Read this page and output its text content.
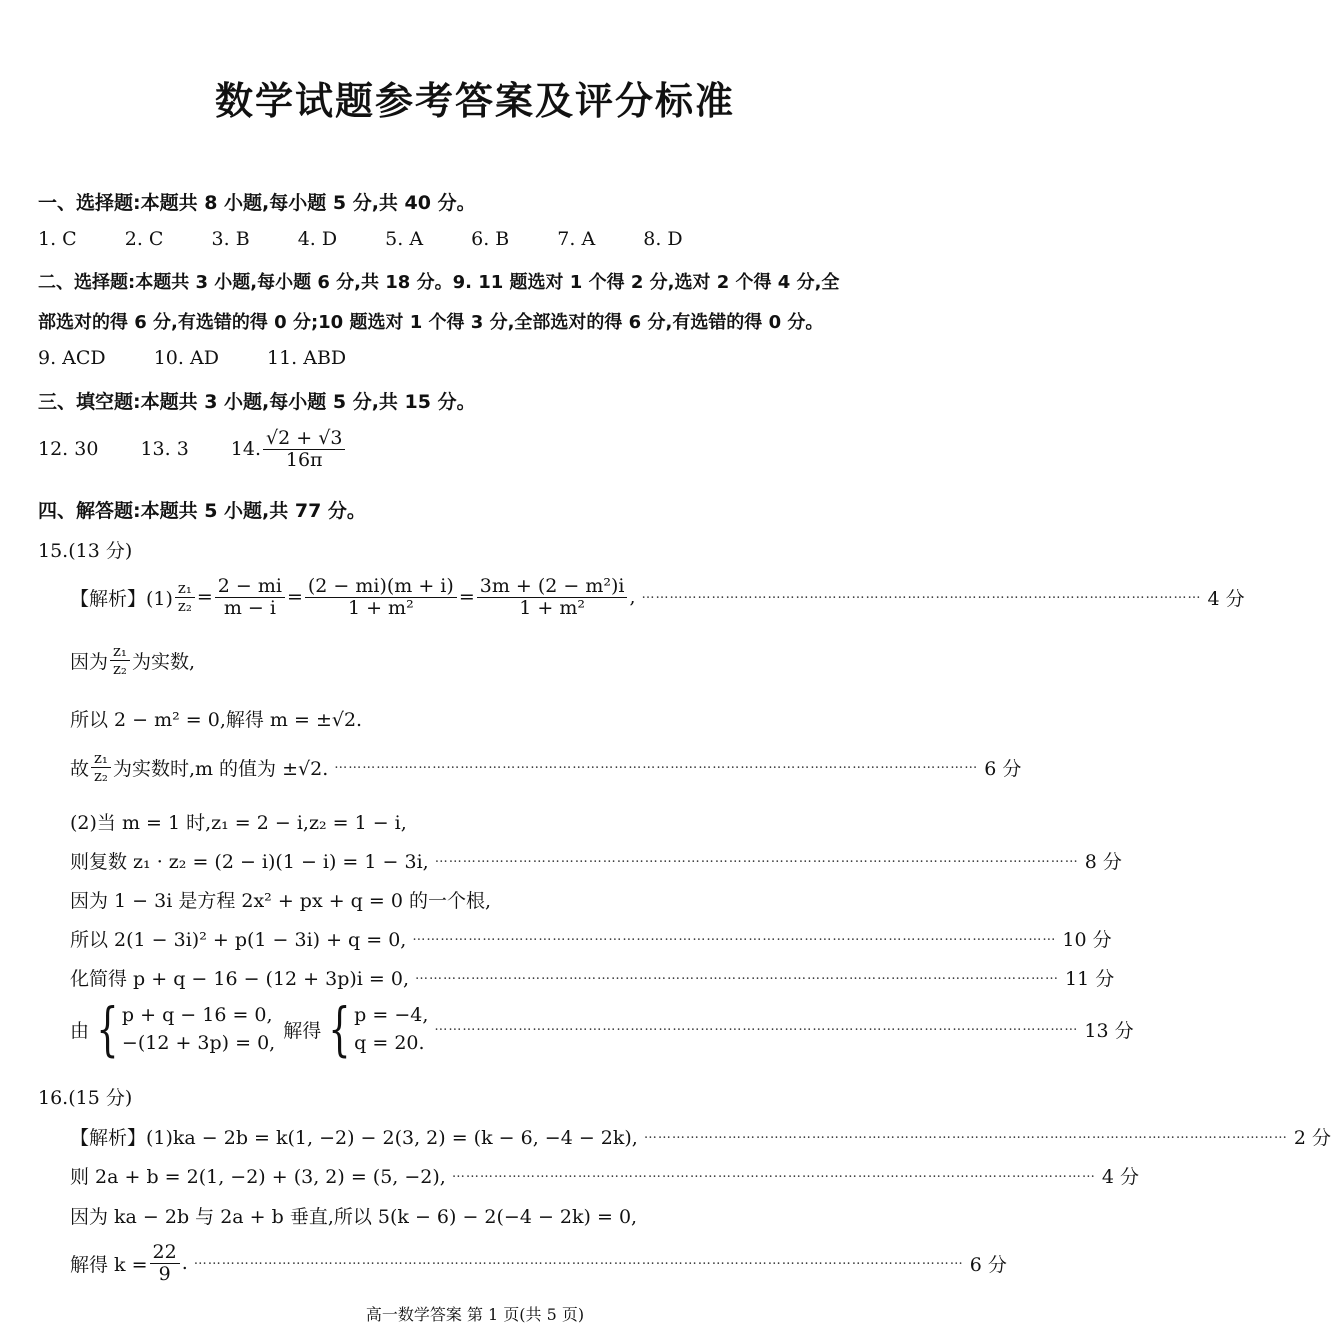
数学试题参考答案及评分标准
一、选择题:本题共 8 小题,每小题 5 分,共 40 分。
1. C	2. C	3. B	4. D	5. A	6. B	7. A	8. D
二、选择题:本题共 3 小题,每小题 6 分,共 18 分。9. 11 题选对 1 个得 2 分,选对 2 个得 4 分,全
部选对的得 6 分,有选错的得 0 分;10 题选对 1 个得 3 分,全部选对的得 6 分,有选错的得 0 分。
9. ACD	10. AD	11. ABD
三、填空题:本题共 3 小题,每小题 5 分,共 15 分。
12. 30 13. 3 14. $\frac{√2 + √3}{16\pi}$
四、解答题:本题共 5 小题,共 77 分。
15.(13 分)
【解析】$(1) \frac{\text{z₁}}{\text{z₂}} = \frac{2 - mi}{m - i} = \frac{(2 - mi)(m + i)}{\text{1 + m²}} = \frac{\text{3m + (2 − m²)i}}{\text{1 + m²}}$ , ………………………………………………………………………………………………………… 4 分
因为 $\frac{\text{z₁}}{\text{z₂}}$ 为实数,
所以 2 − m² = 0,解得 m = ±√2.
故 $\frac{\text{z₁}}{\text{z₂}}$ 为实数时,m 的值为 ±√2. ………………………………………………………………………………………………………………………… 6 分
(2)当 m = 1 时,z₁ = 2 − i,z₂ = 1 − i,
则复数 z₁ · z₂ = (2 − i)(1 − i) = 1 − 3i, ………………………………………………………………………………………………………………………… 8 分
因为 1 − 3i 是方程 2x² + px + q = 0 的一个根,
所以 2(1 − 3i)² + p(1 − 3i) + q = 0, ………………………………………………………………………………………………………………………… 10 分
化简得 p + q − 16 − (12 + 3p)i = 0, ………………………………………………………………………………………………………………………… 11 分
由 { p + q − 16 = 0,
−(12 + 3p) = 0,
解得 { p = −4,
q = 20.
………………………………………………………………………………………………………………………… 13 分
16.(15 分)
【解析】(1)ka − 2b = k(1, −2) − 2(3, 2) = (k − 6, −4 − 2k), ………………………………………………………………………………………………………………………… 2 分
则 2a + b = 2(1, −2) + (3, 2) = (5, −2), ………………………………………………………………………………………………………………………… 4 分
因为 ka − 2b 与 2a + b 垂直,所以 5(k − 6) − 2(−4 − 2k) = 0,
解得 $k = \frac{22}{9}$ . ………………………………………………………………………………………………………………………………………………… 6 分
高一数学答案 第 1 页(共 5 页)
